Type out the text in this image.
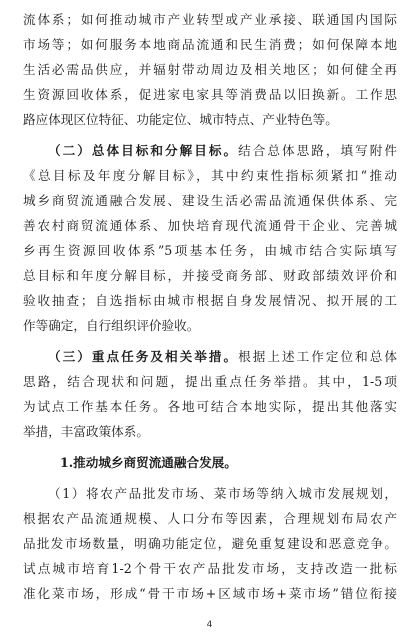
流体系；如何推动城市产业转型或产业承接、联通国内国际
市场等；如何服务本地商品流通和民生消费；如何保障本地
生活必需品供应，并辐射带动周边及相关地区；如何健全再
生资源回收体系，促进家电家具等消费品以旧换新。工作思
路应体现区位特征、功能定位、城市特点、产业特色等。
（二）总体目标和分解目标。结合总体思路，填写附件
《总目标及年度分解目标》，其中约束性指标须紧扣“推动
城乡商贸流通融合发展、建设生活必需品流通保供体系、完
善农村商贸流通体系、加快培育现代流通骨干企业、完善城
乡再生资源回收体系”5项基本任务，由城市结合实际填写
总目标和年度分解目标，并接受商务部、财政部绩效评价和
验收抽查；自选指标由城市根据自身发展情况、拟开展的工
作等确定，自行组织评价验收。
（三）重点任务及相关举措。根据上述工作定位和总体
思路，结合现状和问题，提出重点任务举措。其中，1-5项
为试点工作基本任务。各地可结合本地实际，提出其他落实
举措，丰富政策体系。
1.推动城乡商贸流通融合发展。
（1）将农产品批发市场、菜市场等纳入城市发展规划，
根据农产品流通规模、人口分布等因素，合理规划布局农产
品批发市场数量，明确功能定位，避免重复建设和恶意竞争。
试点城市培育1-2个骨干农产品批发市场，支持改造一批标
准化菜市场，形成“骨干市场+区域市场+菜市场”错位衔接
4
